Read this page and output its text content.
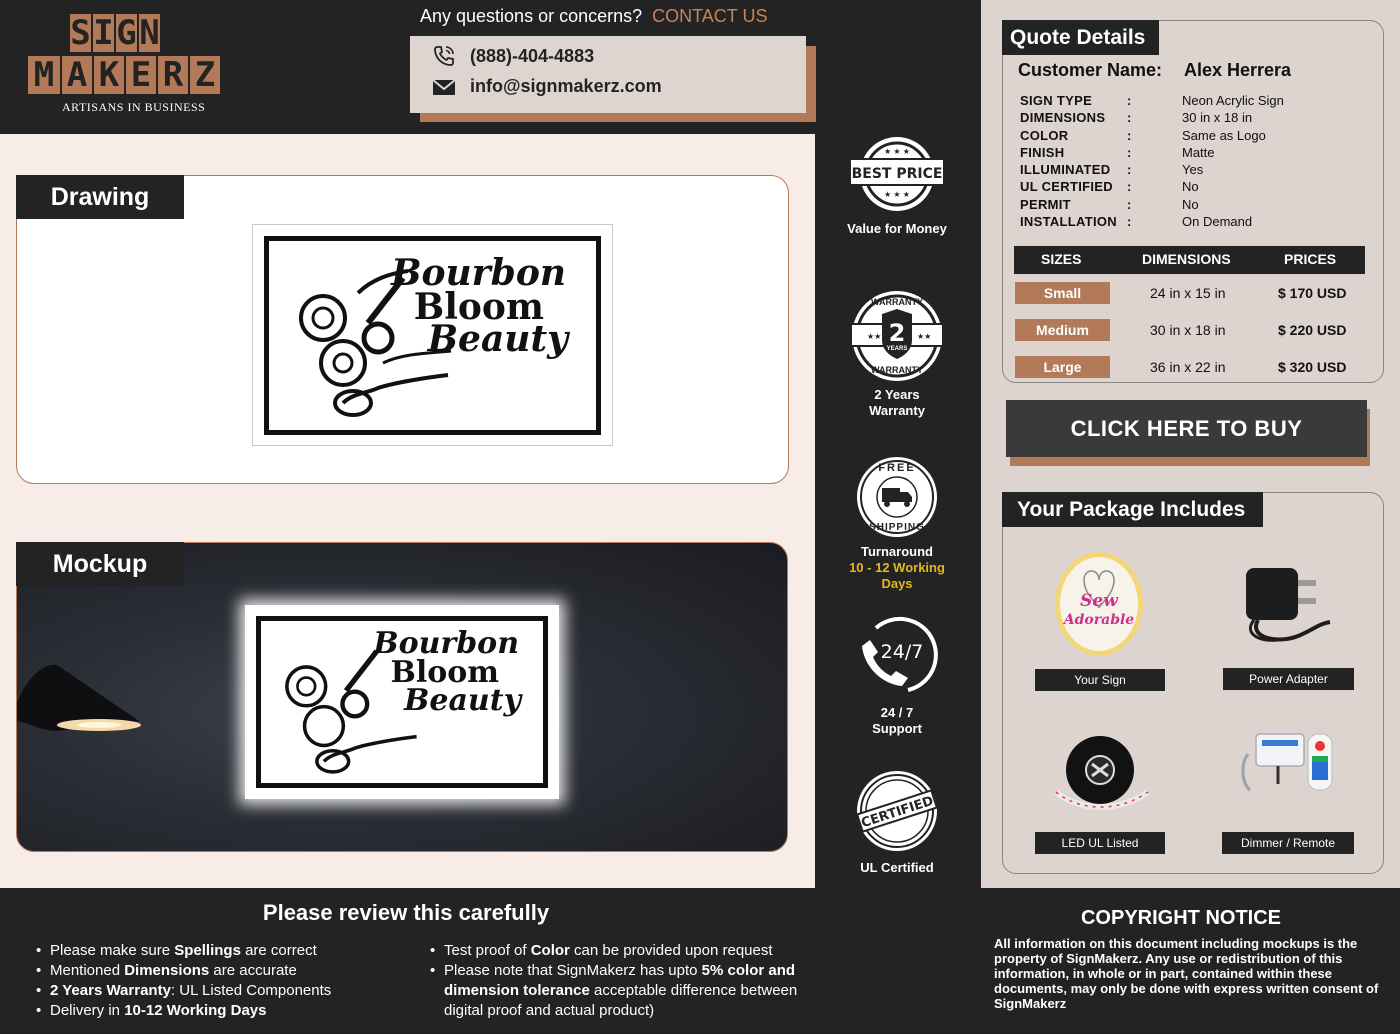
S I G N
M A K E R Z
ARTISANS IN BUSINESS
Any questions or concerns? CONTACT US
(888)-404-4883
info@signmakerz.com
Drawing
Bourbon
Bloom
Beauty
Bourbon
Bloom
Beauty
Mockup
BEST PRICE
★ ★ ★
★ ★ ★
Value for Money
2
YEARS
WARRANTY
WARRANTY
★★	★★
2 Years
Warranty
FREE
SHIPPING
Turnaround
10 - 12 Working
Days
24/7
24 / 7
Support
CERTIFIED
UL Certified
Quote Details
Customer Name: Alex Herrera
SIGN TYPE	:	Neon Acrylic Sign
DIMENSIONS :	30 in x 18 in
COLOR	:	Same as Logo
FINISH	:	Matte
ILLUMINATED :	Yes
UL CERTIFIED :	No
PERMIT	:	No
INSTALLATION :	On Demand
SIZES	DIMENSIONS	PRICES
Small	24 in x 15 in	$ 170 USD
Medium	30 in x 18 in	$ 220 USD
Large	36 in x 22 in	$ 320 USD
CLICK HERE TO BUY
Your Package Includes
Sew
Adorable
Your Sign	Power Adapter
LED UL Listed	Dimmer / Remote
Please review this carefully
• Please make sure Spellings are correct
• Mentioned Dimensions are accurate
• 2 Years Warranty: UL Listed Components
• Delivery in 10-12 Working Days
• Test proof of Color can be provided upon request
• Please note that SignMakerz has upto 5% color and dimension tolerance acceptable difference between digital proof and actual product)
COPYRIGHT NOTICE
All information on this document including mockups is the property of SignMakerz. Any use or redistribution of this information, in whole or in part, contained within these documents, may only be done with express written consent of SignMakerz
